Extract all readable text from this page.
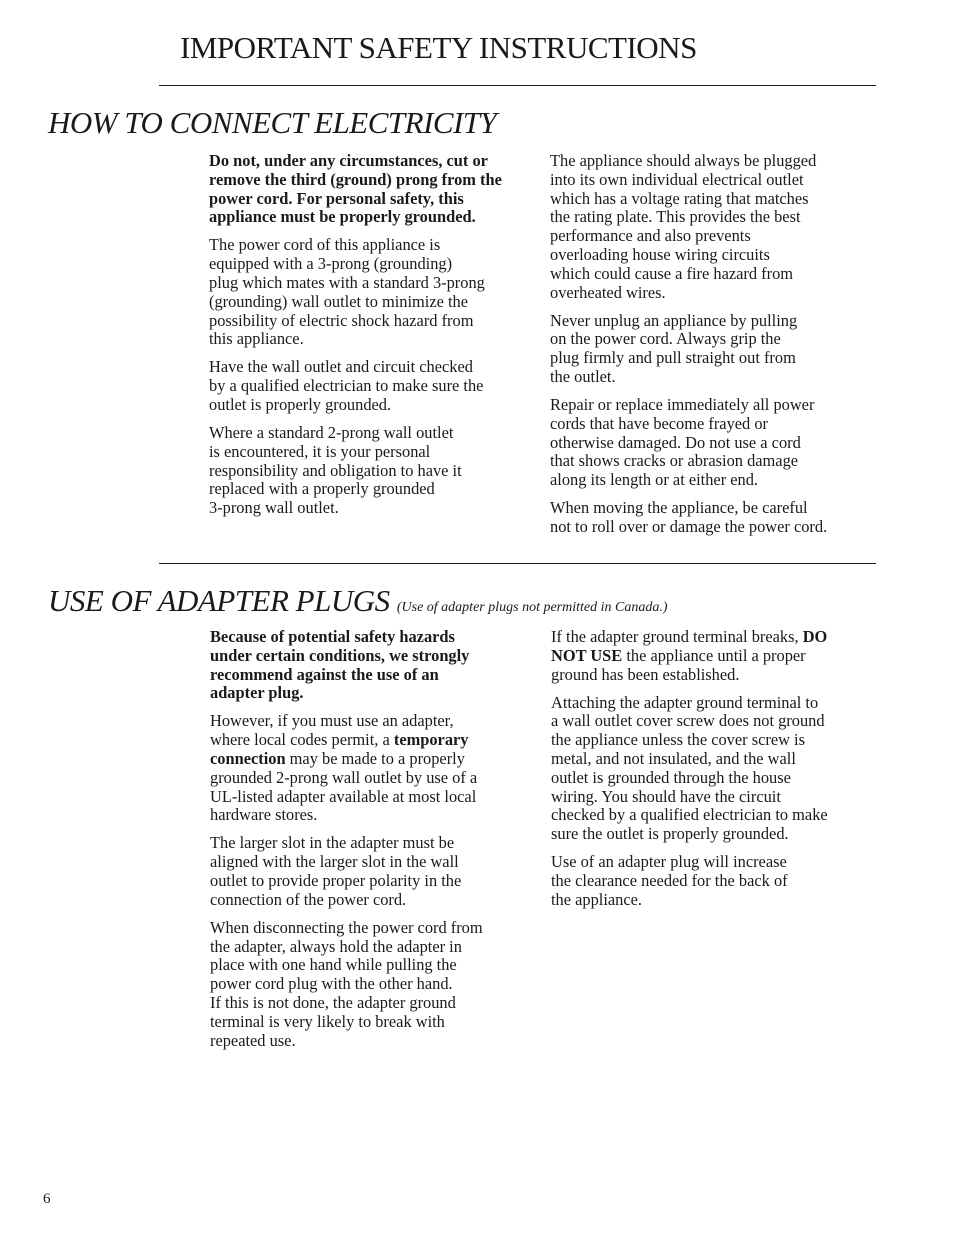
IMPORTANT SAFETY INSTRUCTIONS
HOW TO CONNECT ELECTRICITY

Do not, under any circumstances, cut or
remove the third (ground) prong from the
power cord. For personal safety, this
appliance must be properly grounded.

The power cord of this appliance is
equipped with a 3-prong (grounding)
plug which mates with a standard 3-prong
(grounding) wall outlet to minimize the
possibility of electric shock hazard from
this appliance.

Have the wall outlet and circuit checked
by a qualified electrician to make sure the
outlet is properly grounded.

Where a standard 2-prong wall outlet
is encountered, it is your personal
responsibility and obligation to have it
replaced with a properly grounded
3-prong wall outlet.

The appliance should always be plugged
into its own individual electrical outlet
which has a voltage rating that matches
the rating plate. This provides the best
performance and also prevents
overloading house wiring circuits
which could cause a fire hazard from
overheated wires.

Never unplug an appliance by pulling
on the power cord. Always grip the
plug firmly and pull straight out from
the outlet.

Repair or replace immediately all power
cords that have become frayed or
otherwise damaged. Do not use a cord
that shows cracks or abrasion damage
along its length or at either end.

When moving the appliance, be careful
not to roll over or damage the power cord.

USE OF ADAPTER PLUGS (Use of adapter plugs not permitted in Canada.)

Because of potential safety hazards
under certain conditions, we strongly
recommend against the use of an
adapter plug.

However, if you must use an adapter,
where local codes permit, a temporary
connection may be made to a properly
grounded 2-prong wall outlet by use of a
UL-listed adapter available at most local
hardware stores.

The larger slot in the adapter must be
aligned with the larger slot in the wall
outlet to provide proper polarity in the
connection of the power cord.

When disconnecting the power cord from
the adapter, always hold the adapter in
place with one hand while pulling the
power cord plug with the other hand.
If this is not done, the adapter ground
terminal is very likely to break with
repeated use.

If the adapter ground terminal breaks, DO
NOT USE the appliance until a proper
ground has been established.

Attaching the adapter ground terminal to
a wall outlet cover screw does not ground
the appliance unless the cover screw is
metal, and not insulated, and the wall
outlet is grounded through the house
wiring. You should have the circuit
checked by a qualified electrician to make
sure the outlet is properly grounded.

Use of an adapter plug will increase
the clearance needed for the back of
the appliance.

6
